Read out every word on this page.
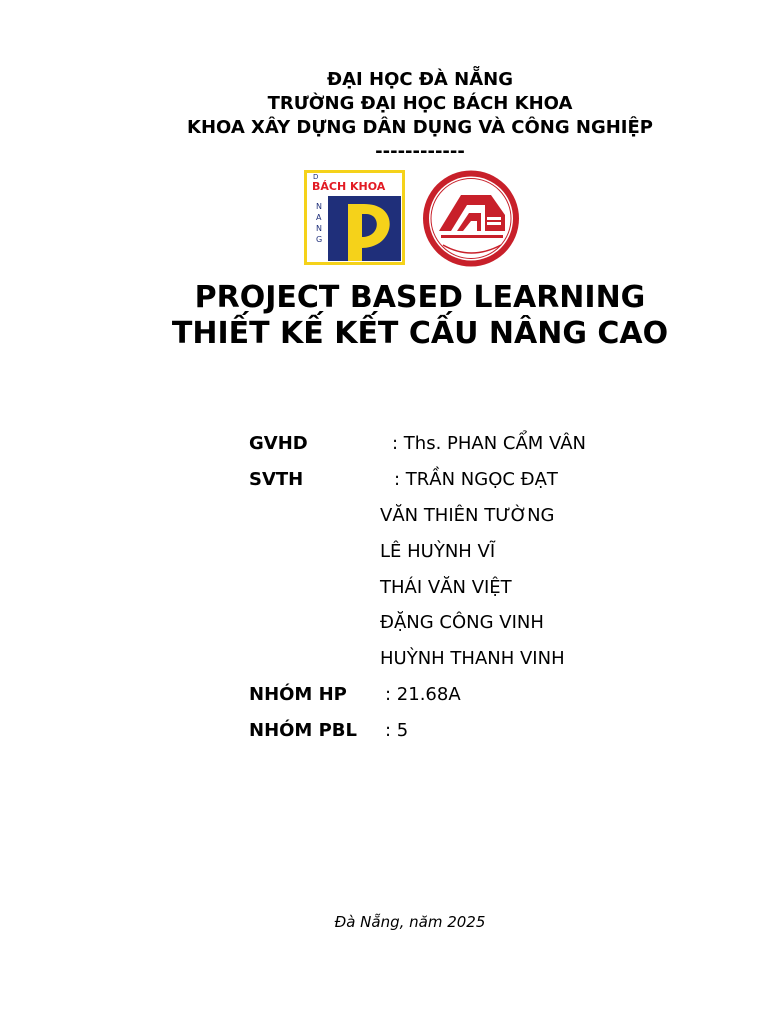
ĐẠI HỌC ĐÀ NẴNG
TRƯỜNG ĐẠI HỌC BÁCH KHOA
KHOA XÂY DỰNG DÂN DỤNG VÀ CÔNG NGHIỆP
------------
BÁCH KHOA
D
N
A
N
G
PROJECT BASED LEARNING
THIẾT KẾ KẾT CẤU NÂNG CAO
GVHD	: Ths. PHAN CẨM VÂN
SVTH	: TRẦN NGỌC ĐẠT
VĂN THIÊN TƯỜNG
LÊ HUỲNH VĨ
THÁI VĂN VIỆT
ĐẶNG CÔNG VINH
HUỲNH THANH VINH
NHÓM HP : 21.68A
NHÓM PBL : 5
Đà Nẵng, năm 2025
